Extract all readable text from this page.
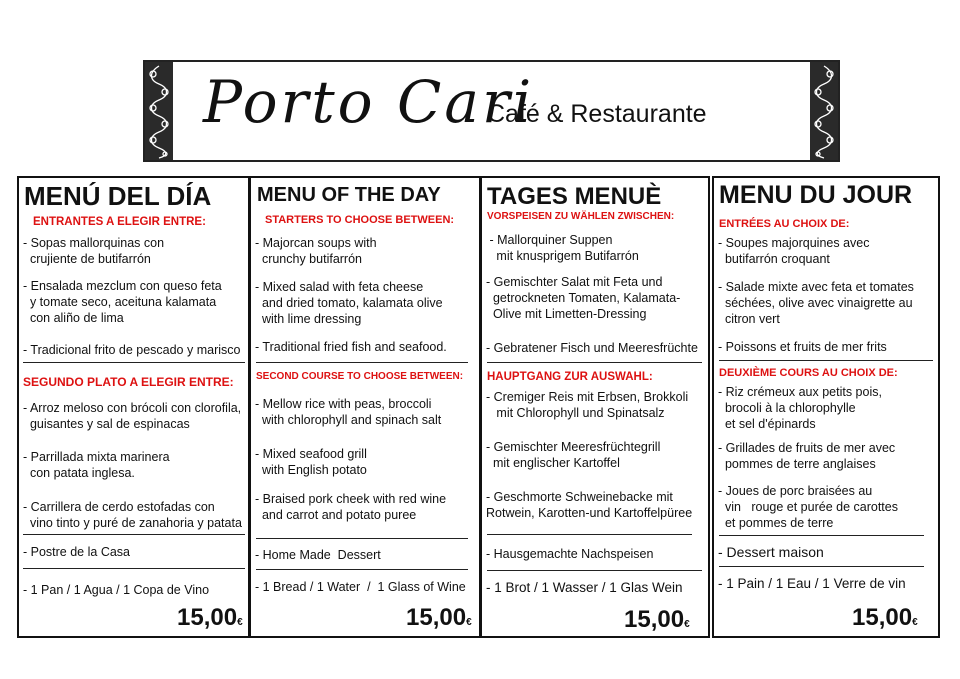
Porto Cari
Café & Restaurante
MENÚ DEL DÍA
ENTRANTES A ELEGIR ENTRE:
- Sopas mallorquinas con
crujiente de butifarrón
- Ensalada mezclum con queso feta
y tomate seco, aceituna kalamata
con aliño de lima
- Tradicional frito de pescado y marisco
SEGUNDO PLATO A ELEGIR ENTRE:
- Arroz meloso con brócoli con clorofila,
guisantes y sal de espinacas
- Parrillada mixta marinera
con patata inglesa.
- Carrillera de cerdo estofadas con
vino tinto y puré de zanahoria y patata
- Postre de la Casa
- 1 Pan / 1 Agua / 1 Copa de Vino
15,00€
MENU OF THE DAY
STARTERS TO CHOOSE BETWEEN:
- Majorcan soups with
crunchy butifarrón
- Mixed salad with feta cheese
and dried tomato, kalamata olive
with lime dressing
- Traditional fried fish and seafood.
SECOND COURSE TO CHOOSE BETWEEN:
- Mellow rice with peas, broccoli
with chlorophyll and spinach salt
- Mixed seafood grill
with English potato
- Braised pork cheek with red wine
and carrot and potato puree
- Home Made  Dessert
- 1 Bread / 1 Water  /  1 Glass of Wine
15,00€
TAGES MENUÈ
VORSPEISEN ZU WÄHLEN ZWISCHEN:
- Mallorquiner Suppen
mit knusprigem Butifarrón
- Gemischter Salat mit Feta und
getrockneten Tomaten, Kalamata-
Olive mit Limetten-Dressing
- Gebratener Fisch und Meeresfrüchte
HAUPTGANG ZUR AUSWAHL:
- Cremiger Reis mit Erbsen, Brokkoli
mit Chlorophyll und Spinatsalz
- Gemischter Meeresfrüchtegrill
mit englischer Kartoffel
- Geschmorte Schweinebacke mit
Rotwein, Karotten-und Kartoffelpüree
- Hausgemachte Nachspeisen
- 1 Brot / 1 Wasser / 1 Glas Wein
15,00€
MENU DU JOUR
ENTRÉES AU CHOIX DE:
- Soupes majorquines avec
butifarrón croquant
- Salade mixte avec feta et tomates
séchées, olive avec vinaigrette au
citron vert
- Poissons et fruits de mer frits
DEUXIÈME COURS AU CHOIX DE:
- Riz crémeux aux petits pois,
brocoli à la chlorophylle
et sel d'épinards
- Grillades de fruits de mer avec
pommes de terre anglaises
- Joues de porc braisées au
vin   rouge et purée de carottes
et pommes de terre
- Dessert maison
- 1 Pain / 1 Eau / 1 Verre de vin
15,00€
